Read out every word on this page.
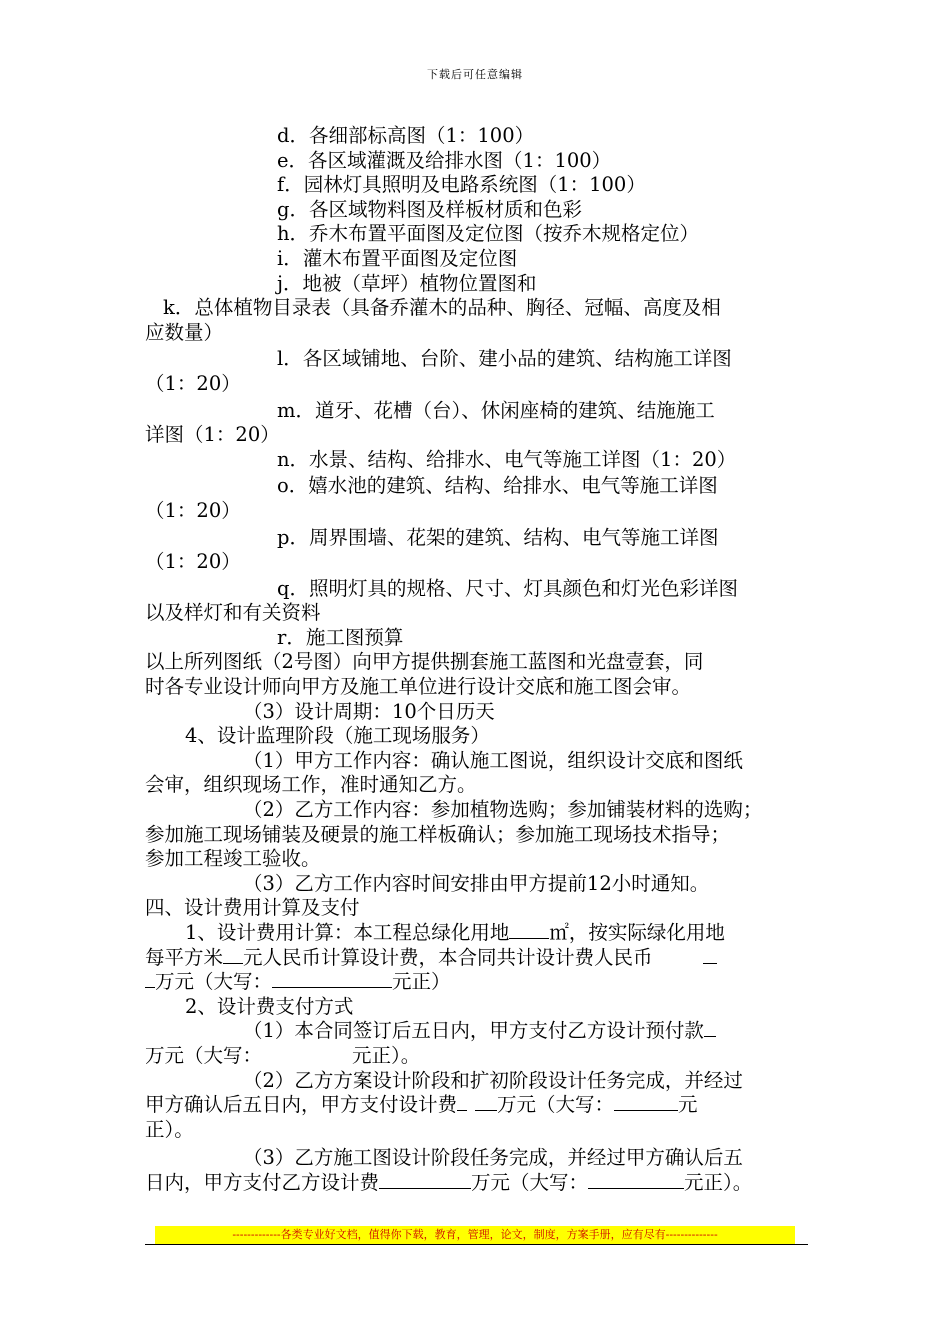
下载后可任意编辑

d．各细部标高图（1：100）

e．各区域灌溉及给排水图（1：100）

f．园林灯具照明及电路系统图（1：100）

g．各区域物料图及样板材质和色彩

h．乔木布置平面图及定位图（按乔木规格定位）

i．灌木布置平面图及定位图

j．地被（草坪）植物位置图和

k．总体植物目录表（具备乔灌木的品种、胸径、冠幅、高度及相

应数量）

l．各区域铺地、台阶、建小品的建筑、结构施工详图

（1：20）

m．道牙、花槽（台）、休闲座椅的建筑、结施施工

详图（1：20）

n．水景、结构、给排水、电气等施工详图（1：20）

o．嬉水池的建筑、结构、给排水、电气等施工详图

（1：20）

p．周界围墙、花架的建筑、结构、电气等施工详图

（1：20）

q．照明灯具的规格、尺寸、灯具颜色和灯光色彩详图

以及样灯和有关资料

r．施工图预算

以上所列图纸（2号图）向甲方提供捌套施工蓝图和光盘壹套，同

时各专业设计师向甲方及施工单位进行设计交底和施工图会审。

（3）设计周期：10个日历天

4、设计监理阶段（施工现场服务）

（1）甲方工作内容：确认施工图说，组织设计交底和图纸

会审，组织现场工作，准时通知乙方。

（2）乙方工作内容：参加植物选购；参加铺装材料的选购；

参加施工现场铺装及硬景的施工样板确认；参加施工现场技术指导；

参加工程竣工验收。

（3）乙方工作内容时间安排由甲方提前12小时通知。

四、设计费用计算及支付

1、设计费用计算：本工程总绿化用地 ㎡，按实际绿化用地

每平方米 元人民币计算设计费，本合同共计设计费人民币

万元（大写：	元正）

2、设计费支付方式

（1）本合同签订后五日内，甲方支付乙方设计预付款

万元（大写：	元正）。

（2）乙方方案设计阶段和扩初阶段设计任务完成，并经过

甲方确认后五日内，甲方支付设计费 万元（大写：	元

正）。

（3）乙方施工图设计阶段任务完成，并经过甲方确认后五

日内，甲方支付乙方设计费	万元（大写：	元正）。

-------------各类专业好文档，值得你下载，教育，管理，论文，制度，方案手册，应有尽有--------------
